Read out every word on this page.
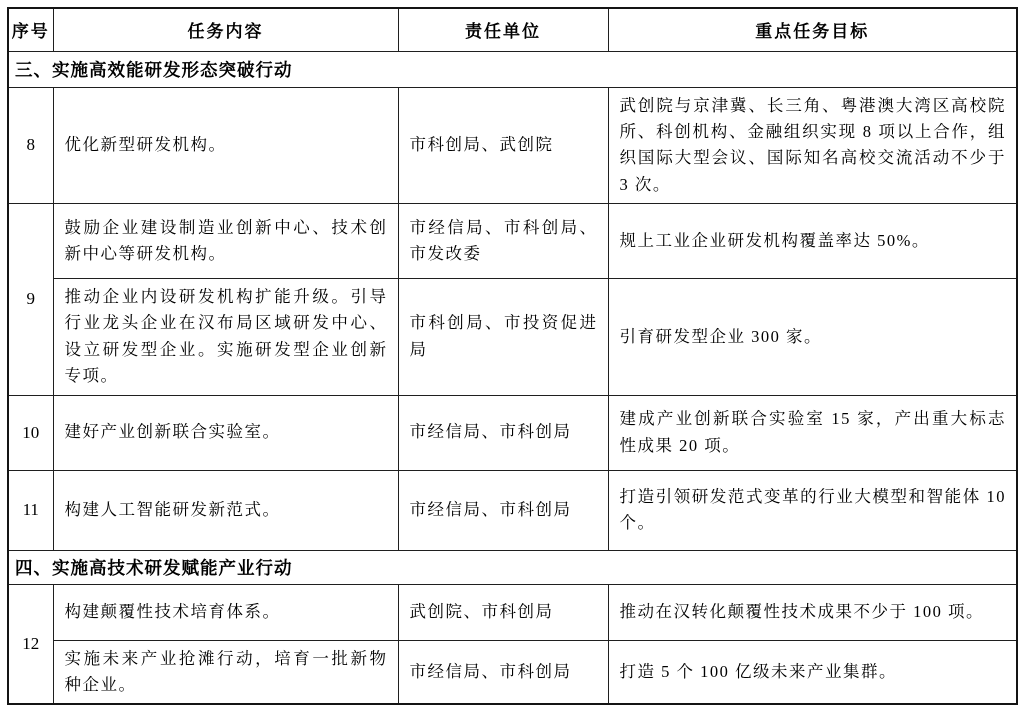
序号	任务内容	责任单位	重点任务目标
三、实施高效能研发形态突破行动			
8	优化新型研发机构。	市科创局、武创院	武创院与京津冀、长三角、粤港澳大湾区高校院所、科创机构、金融组织实现 8 项以上合作，组织国际大型会议、国际知名高校交流活动不少于 3 次。
9	鼓励企业建设制造业创新中心、技术创新中心等研发机构。	市经信局、市科创局、市发改委	规上工业企业研发机构覆盖率达 50%。
	推动企业内设研发机构扩能升级。引导行业龙头企业在汉布局区域研发中心、设立研发型企业。实施研发型企业创新专项。	市科创局、市投资促进局	引育研发型企业 300 家。
10	建好产业创新联合实验室。	市经信局、市科创局	建成产业创新联合实验室 15 家，产出重大标志性成果 20 项。
11	构建人工智能研发新范式。	市经信局、市科创局	打造引领研发范式变革的行业大模型和智能体 10 个。
四、实施高技术研发赋能产业行动			
12	构建颠覆性技术培育体系。	武创院、市科创局	推动在汉转化颠覆性技术成果不少于 100 项。
	实施未来产业抢滩行动，培育一批新物种企业。	市经信局、市科创局	打造 5 个 100 亿级未来产业集群。
